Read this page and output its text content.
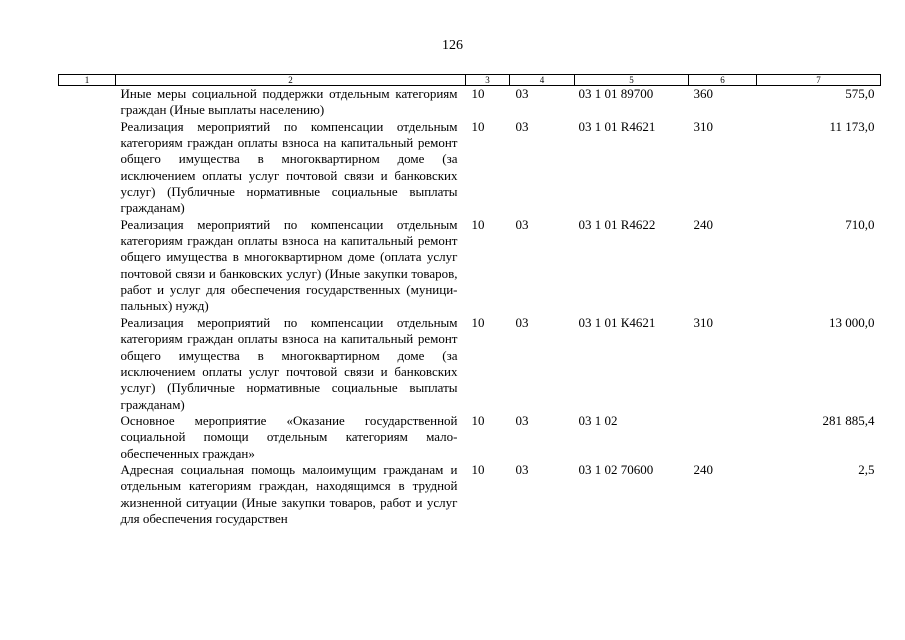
126
1	2	3	4	5	6	7
	Иные меры социальной поддержки отдельным категориям граждан (Иные выплаты населению)	10	03	03 1 01 89700	360	575,0
	Реализация мероприятий по компенсации отдельным категориям граждан оплаты взноса на капитальный ремонт общего имущества в многоквартирном доме (за исключением оплаты услуг почтовой связи и банковских услуг) (Публичные нормативные социальные выплаты гражданам)	10	03	03 1 01 R4621	310	11 173,0
	Реализация мероприятий по компенсации отдельным категориям граждан оплаты взноса на капитальный ремонт общего имущества в многоквартирном доме (оплата услуг почтовой связи и банковских услуг) (Иные закупки товаров, работ и услуг для обеспечения государственных (муниципальных) нужд)	10	03	03 1 01 R4622	240	710,0
	Реализация мероприятий по компенсации отдельным категориям граждан оплаты взноса на капитальный ремонт общего имущества в многоквартирном доме (за исключением оплаты услуг почтовой связи и банковских услуг) (Публичные нормативные социальные выплаты гражданам)	10	03	03 1 01 К4621	310	13 000,0
	Основное мероприятие «Оказание государственной социальной помощи отдельным категориям малообеспеченных граждан»	10	03	03 1 02		281 885,4
	Адресная социальная помощь малоимущим гражданам и отдельным категориям граждан, находящимся в трудной жизненной ситуации (Иные закупки товаров, работ и услуг для обеспечения государствен	10	03	03 1 02 70600	240	2,5
